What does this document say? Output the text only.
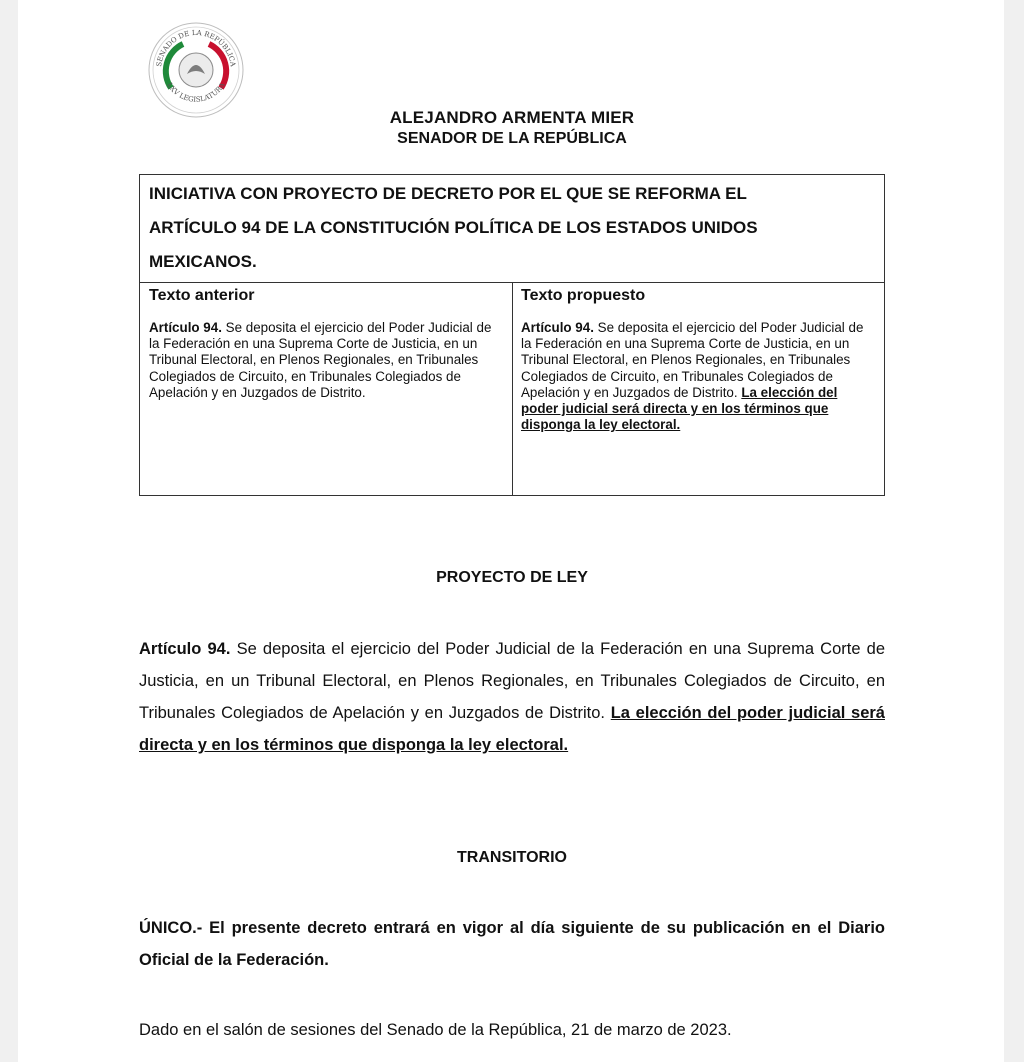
SENADO DE LA REPÚBLICA
LXV LEGISLATURA
ALEJANDRO ARMENTA MIER
SENADOR DE LA REPÚBLICA
INICIATIVA CON PROYECTO DE DECRETO POR EL QUE SE REFORMA EL
ARTÍCULO 94 DE LA CONSTITUCIÓN POLÍTICA DE LOS ESTADOS UNIDOS
MEXICANOS.
Texto anterior
Artículo 94. Se deposita el ejercicio del Poder Judicial de la Federación en una Suprema Corte de Justicia, en un Tribunal Electoral, en Plenos Regionales, en Tribunales Colegiados de Circuito, en Tribunales Colegiados de Apelación y en Juzgados de Distrito.
Texto propuesto
Artículo 94. Se deposita el ejercicio del Poder Judicial de la Federación en una Suprema Corte de Justicia, en un Tribunal Electoral, en Plenos Regionales, en Tribunales Colegiados de Circuito, en Tribunales Colegiados de Apelación y en Juzgados de Distrito. La elección del poder judicial será directa y en los términos que disponga la ley electoral.
PROYECTO DE LEY
Artículo 94. Se deposita el ejercicio del Poder Judicial de la Federación en una Suprema Corte de Justicia, en un Tribunal Electoral, en Plenos Regionales, en Tribunales Colegiados de Circuito, en Tribunales Colegiados de Apelación y en Juzgados de Distrito. La elección del poder judicial será directa y en los términos que disponga la ley electoral.
TRANSITORIO
ÚNICO.- El presente decreto entrará en vigor al día siguiente de su publicación en el Diario Oficial de la Federación.
Dado en el salón de sesiones del Senado de la República, 21 de marzo de 2023.
